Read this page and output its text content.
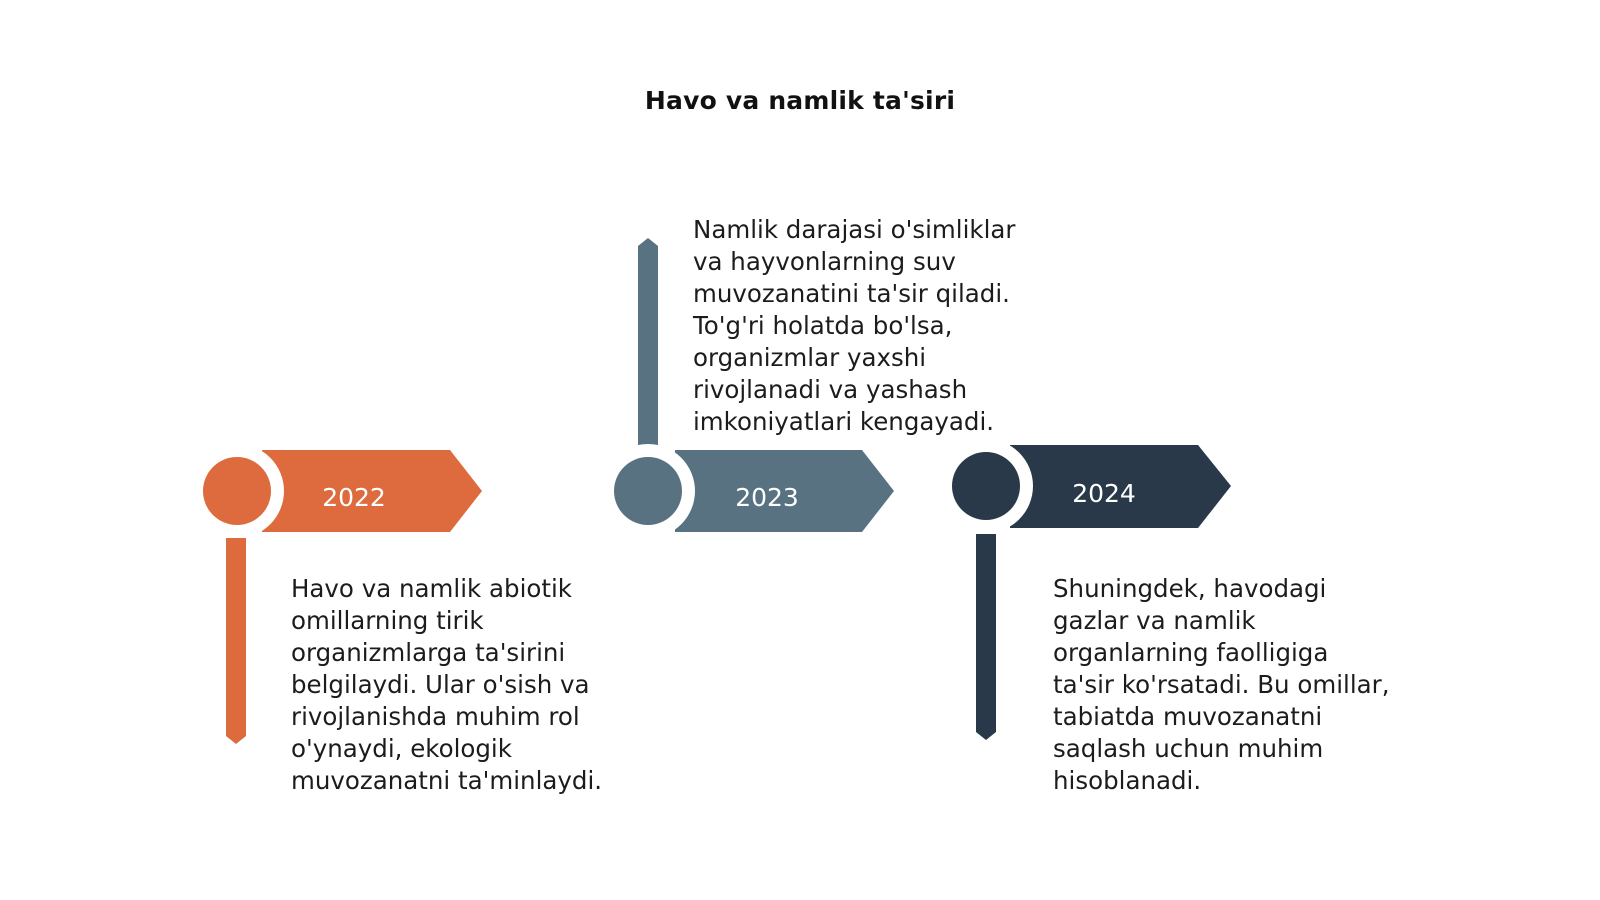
Havo va namlik ta'siri
2022	2023	2024
Havo va namlik abiotik
omillarning tirik
organizmlarga ta'sirini
belgilaydi. Ular o'sish va
rivojlanishda muhim rol
o'ynaydi, ekologik
muvozanatni ta'minlaydi.
Namlik darajasi o'simliklar
va hayvonlarning suv
muvozanatini ta'sir qiladi.
To'g'ri holatda bo'lsa,
organizmlar yaxshi
rivojlanadi va yashash
imkoniyatlari kengayadi.
Shuningdek, havodagi
gazlar va namlik
organlarning faolligiga
ta'sir ko'rsatadi. Bu omillar,
tabiatda muvozanatni
saqlash uchun muhim
hisoblanadi.
